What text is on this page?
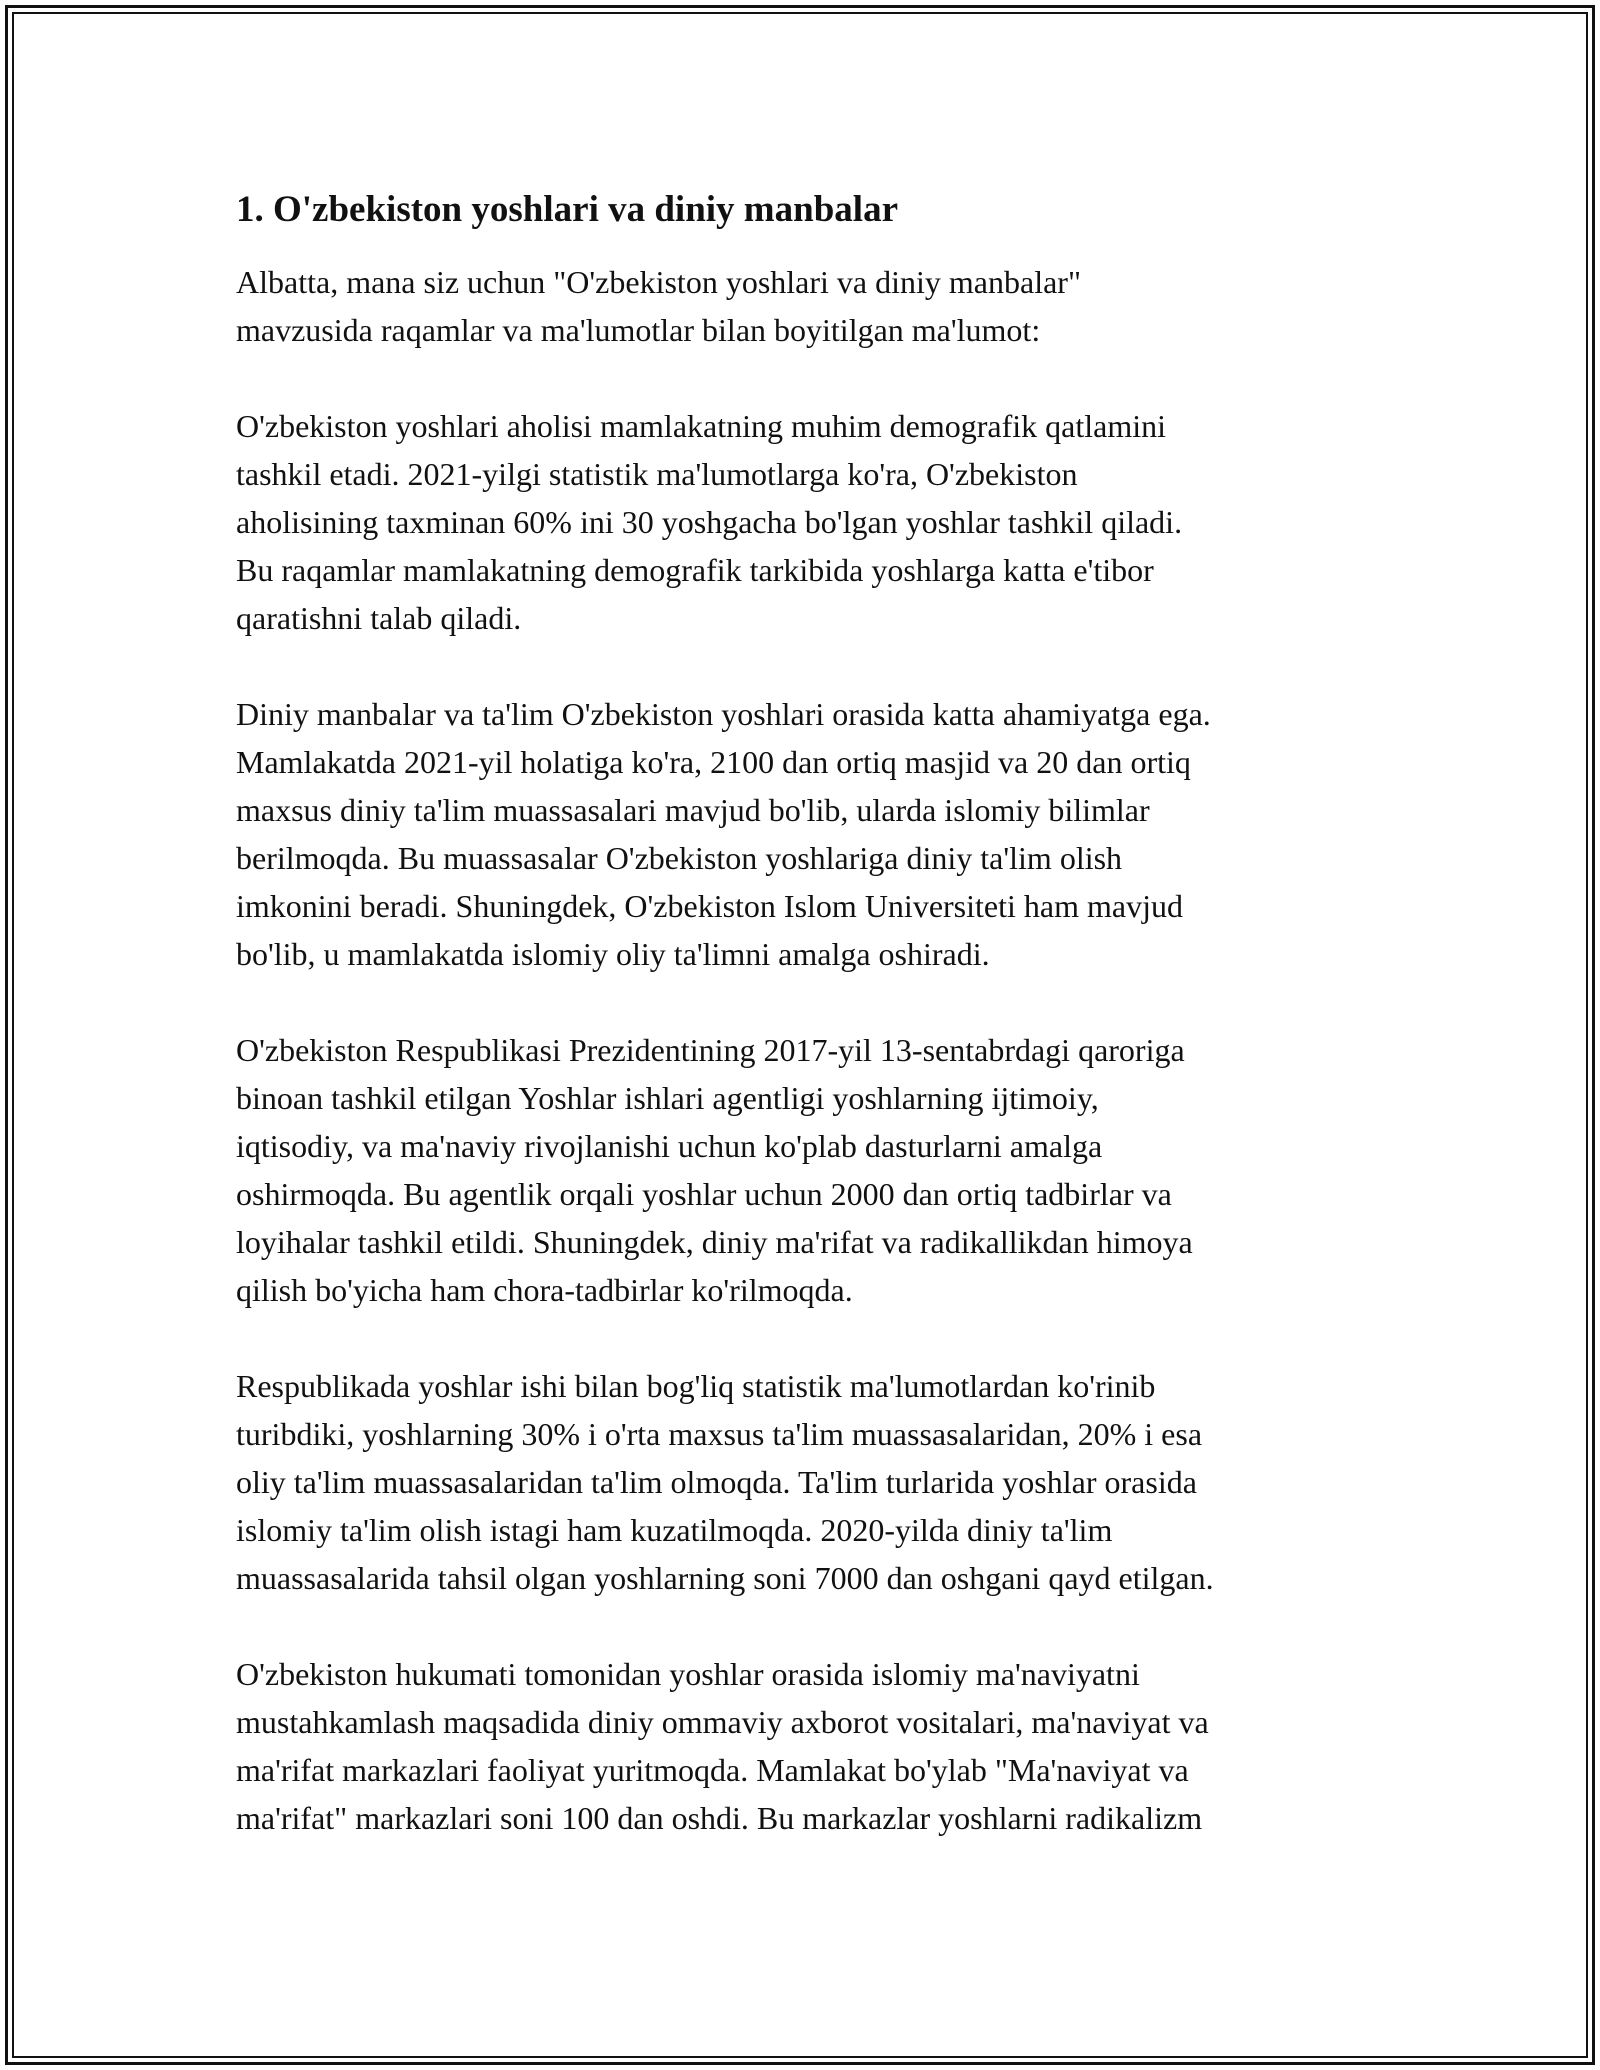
1. O'zbekiston yoshlari va diniy manbalar

Albatta, mana siz uchun "O'zbekiston yoshlari va diniy manbalar"
mavzusida raqamlar va ma'lumotlar bilan boyitilgan ma'lumot:

O'zbekiston yoshlari aholisi mamlakatning muhim demografik qatlamini
tashkil etadi. 2021-yilgi statistik ma'lumotlarga ko'ra, O'zbekiston
aholisining taxminan 60% ini 30 yoshgacha bo'lgan yoshlar tashkil qiladi.
Bu raqamlar mamlakatning demografik tarkibida yoshlarga katta e'tibor
qaratishni talab qiladi.

Diniy manbalar va ta'lim O'zbekiston yoshlari orasida katta ahamiyatga ega.
Mamlakatda 2021-yil holatiga ko'ra, 2100 dan ortiq masjid va 20 dan ortiq
maxsus diniy ta'lim muassasalari mavjud bo'lib, ularda islomiy bilimlar
berilmoqda. Bu muassasalar O'zbekiston yoshlariga diniy ta'lim olish
imkonini beradi. Shuningdek, O'zbekiston Islom Universiteti ham mavjud
bo'lib, u mamlakatda islomiy oliy ta'limni amalga oshiradi.

O'zbekiston Respublikasi Prezidentining 2017-yil 13-sentabrdagi qaroriga
binoan tashkil etilgan Yoshlar ishlari agentligi yoshlarning ijtimoiy,
iqtisodiy, va ma'naviy rivojlanishi uchun ko'plab dasturlarni amalga
oshirmoqda. Bu agentlik orqali yoshlar uchun 2000 dan ortiq tadbirlar va
loyihalar tashkil etildi. Shuningdek, diniy ma'rifat va radikallikdan himoya
qilish bo'yicha ham chora-tadbirlar ko'rilmoqda.

Respublikada yoshlar ishi bilan bog'liq statistik ma'lumotlardan ko'rinib
turibdiki, yoshlarning 30% i o'rta maxsus ta'lim muassasalaridan, 20% i esa
oliy ta'lim muassasalaridan ta'lim olmoqda. Ta'lim turlarida yoshlar orasida
islomiy ta'lim olish istagi ham kuzatilmoqda. 2020-yilda diniy ta'lim
muassasalarida tahsil olgan yoshlarning soni 7000 dan oshgani qayd etilgan.

O'zbekiston hukumati tomonidan yoshlar orasida islomiy ma'naviyatni
mustahkamlash maqsadida diniy ommaviy axborot vositalari, ma'naviyat va
ma'rifat markazlari faoliyat yuritmoqda. Mamlakat bo'ylab "Ma'naviyat va
ma'rifat" markazlari soni 100 dan oshdi. Bu markazlar yoshlarni radikalizm
